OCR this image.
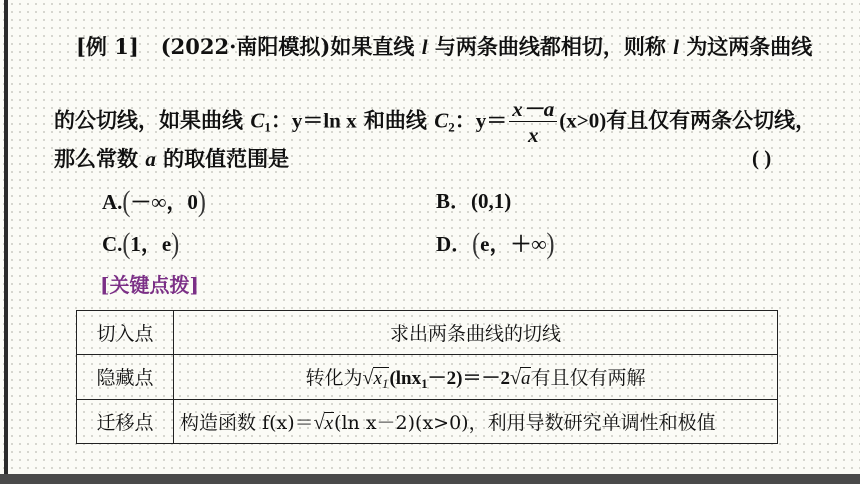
[例 1] (2022·南阳模拟)如果直线 l 与两条曲线都相切，则称 l 为这两条曲线
的公切线，如果曲线 $C_1$：y＝ln x 和曲线 $C_2$：$y= \frac{x-a}{x} (x>0)$有且仅有两条公切线，
那么常数 a 的取值范围是	( )
A.(－∞，0)	B．(0,1)
C.(1，e)	D．(e，＋∞)
[关键点拨]
切入点	求出两条曲线的切线
隐藏点	转化为$√x_1(\ln x_1-2)=-2√a$有且仅有两解
迁移点	构造函数 f(x)＝√x(ln x－2)(x>0)，利用导数研究单调性和极值
